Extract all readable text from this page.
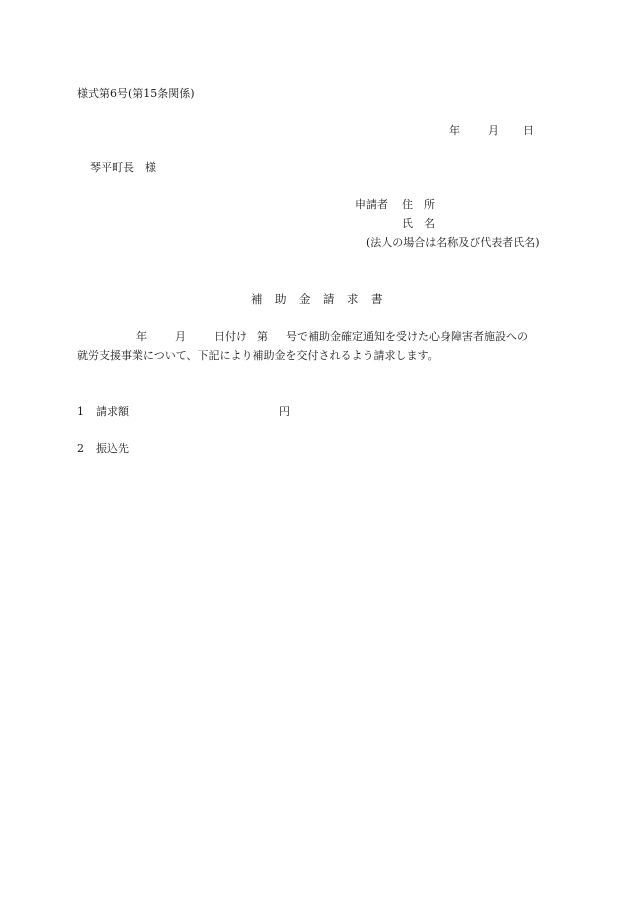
様式第6号(第15条関係)
年	月 日
琴平町長　様
申請者 住　所
氏　名
(法人の場合は名称及び代表者氏名)
補　助　金　請　求　書
年	月	日付け 第 号で補助金確定通知を受けた心身障害者施設への
就労支援事業について、下記により補助金を交付されるよう請求します。
1 請求額	円
2 振込先
